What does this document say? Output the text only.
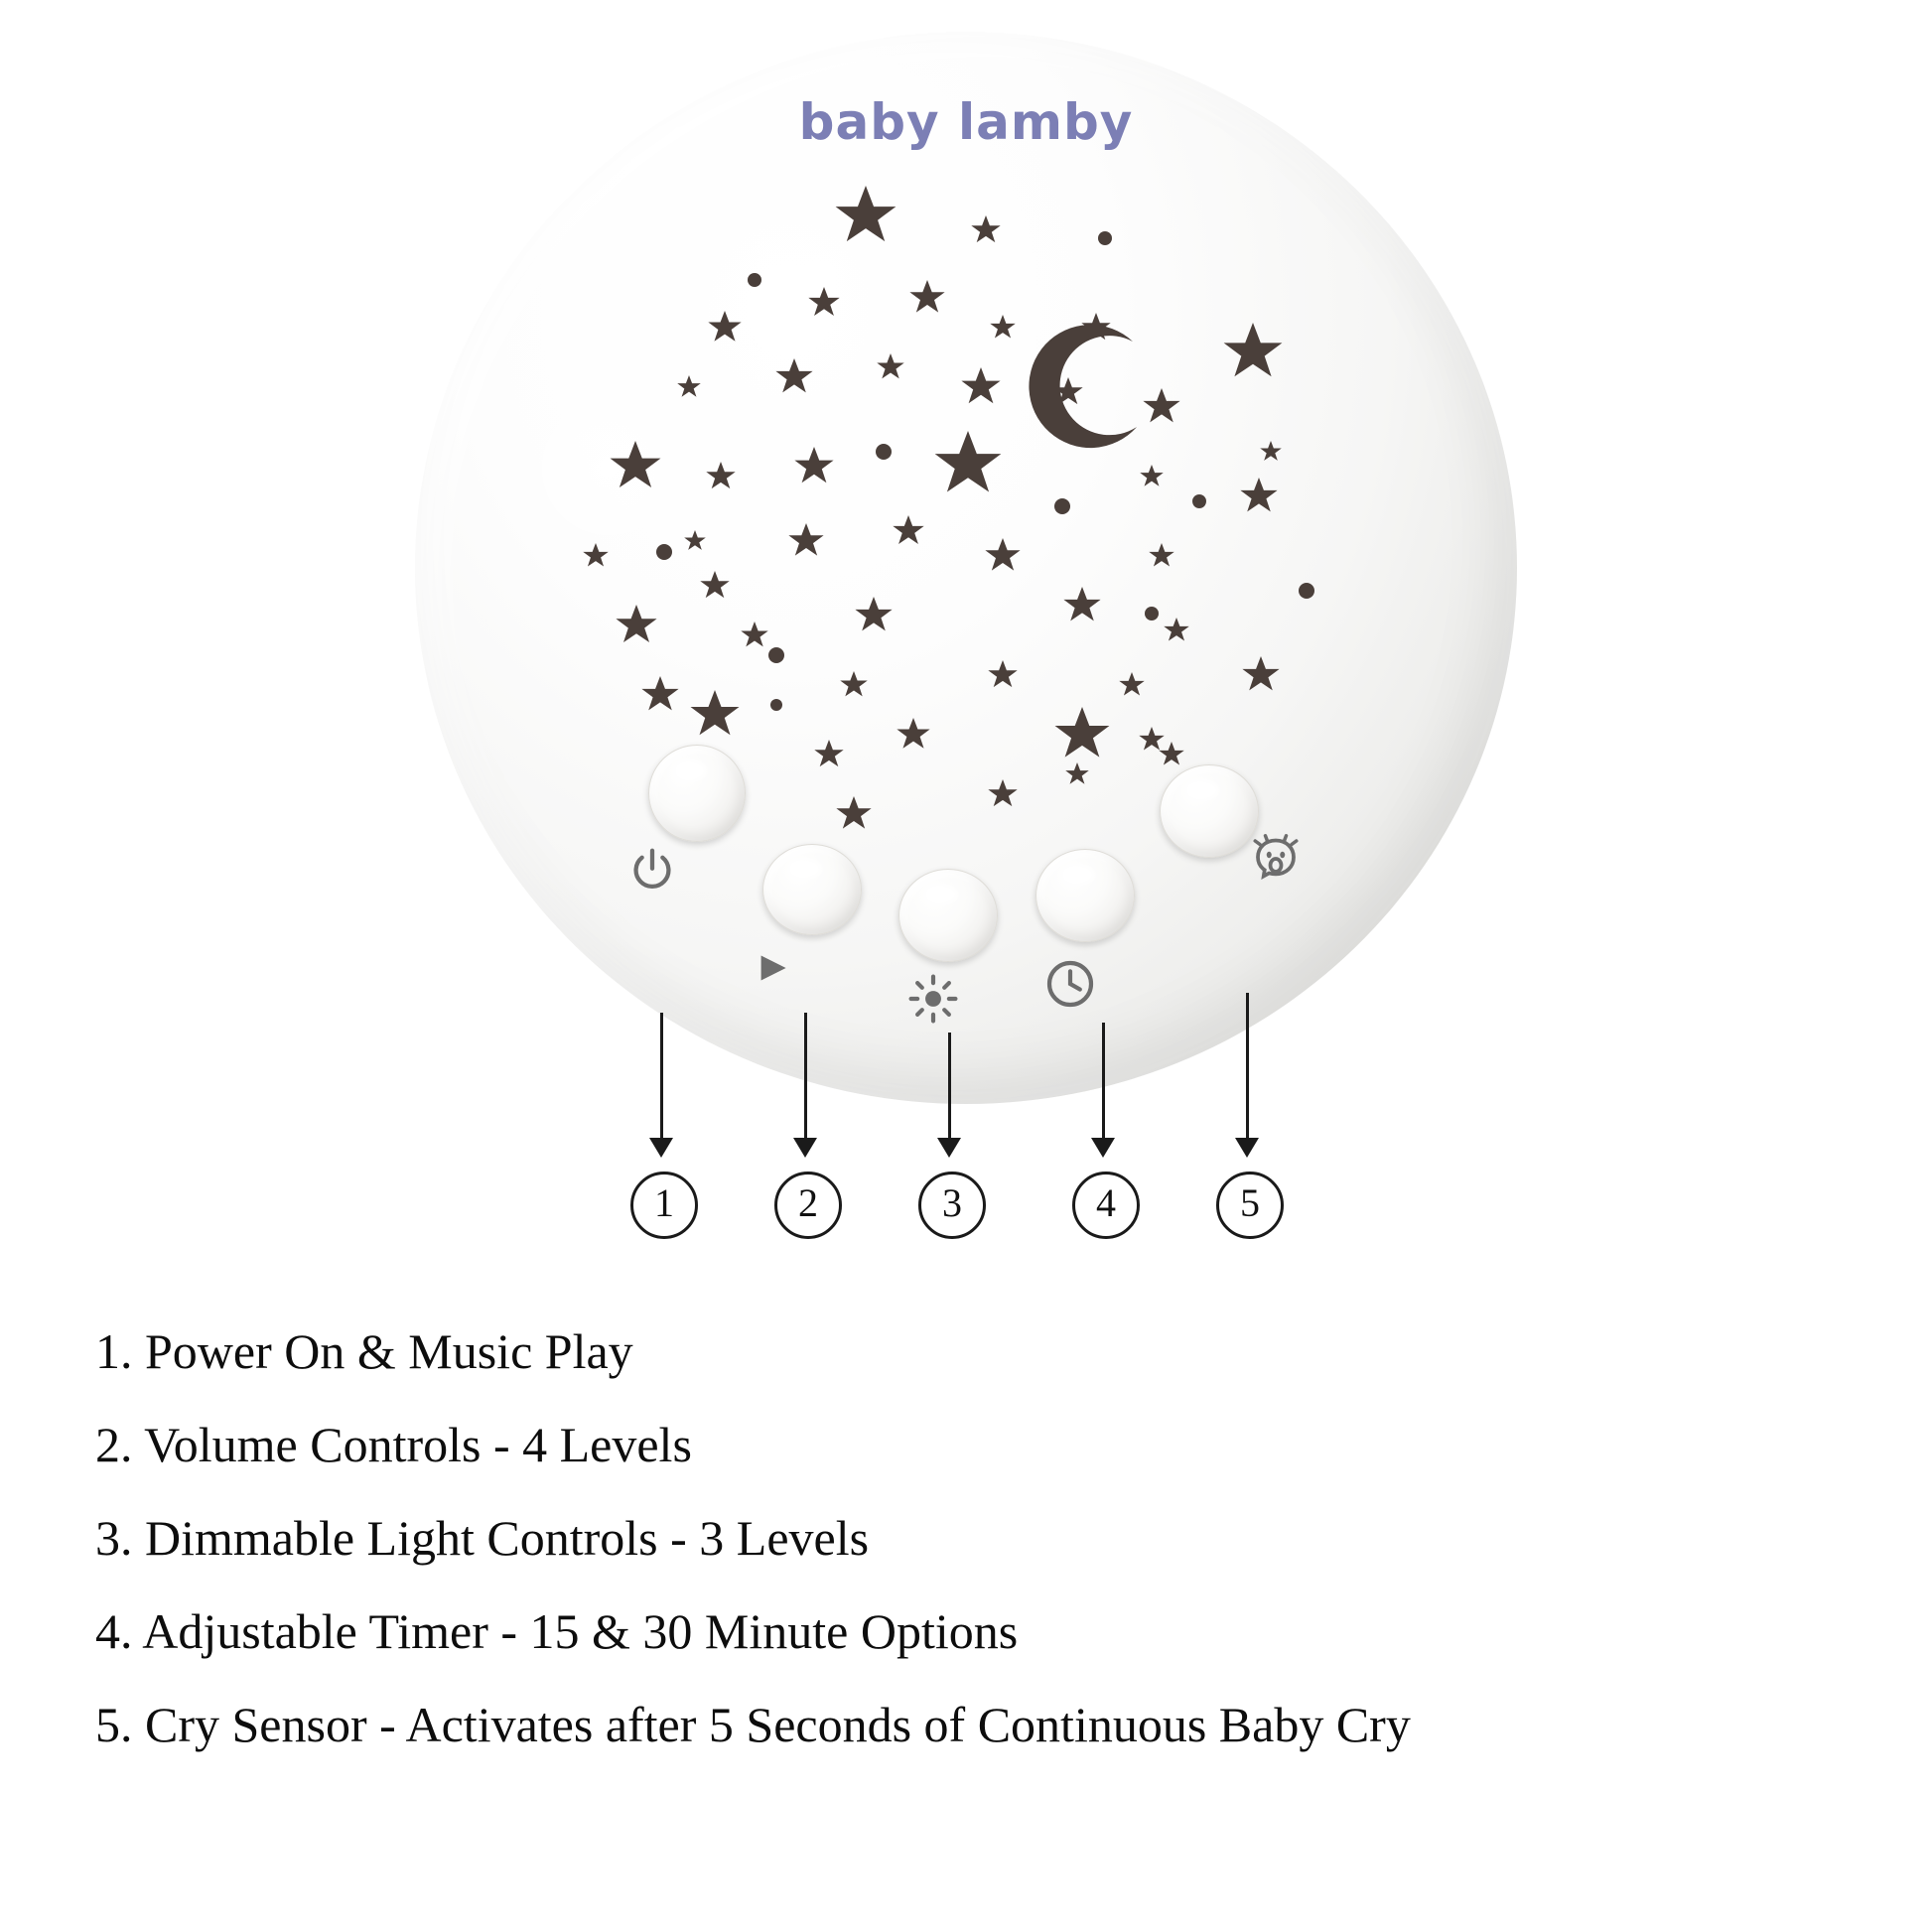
baby lamby
1	2	3	4	5
1. Power On & Music Play
2. Volume Controls - 4 Levels
3. Dimmable Light Controls - 3 Levels
4. Adjustable Timer - 15 & 30 Minute Options
5. Cry Sensor - Activates after 5 Seconds of Continuous Baby Cry
